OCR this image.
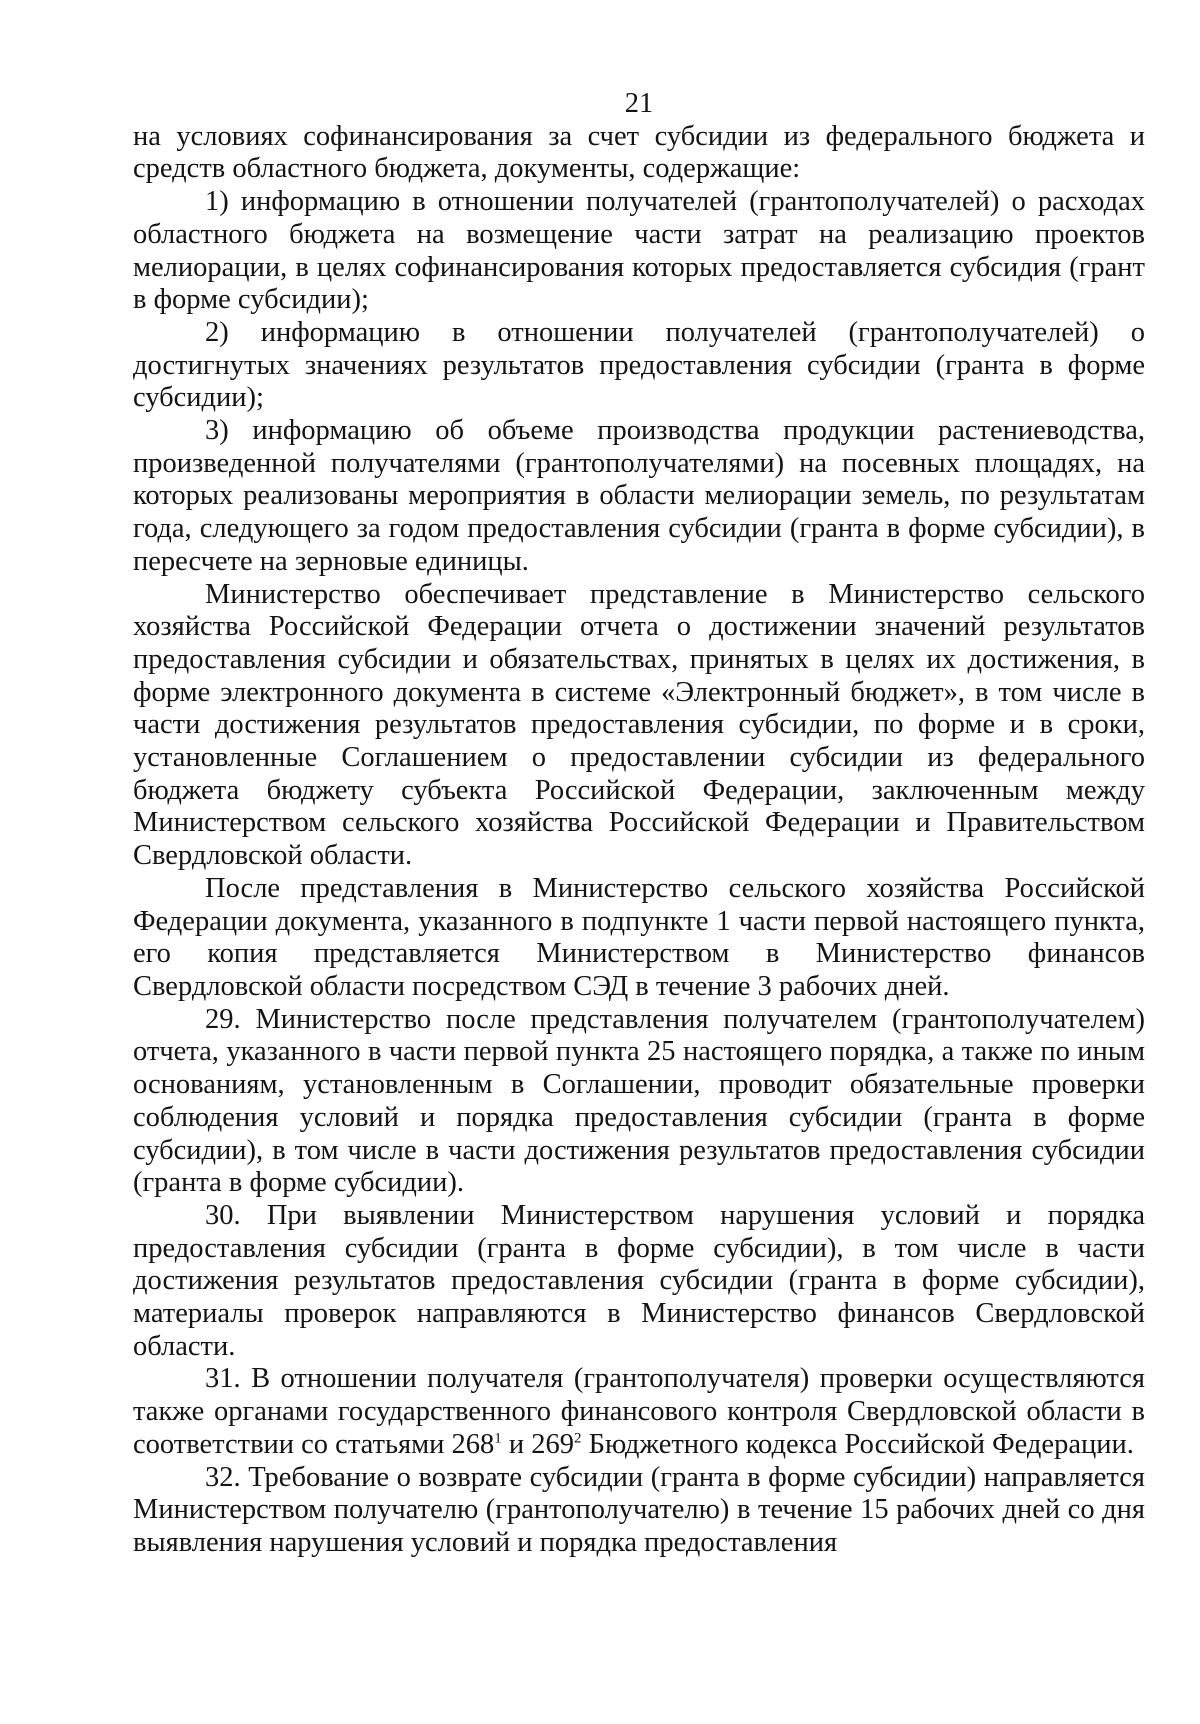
21

на условиях софинансирования за счет субсидии из федерального бюджета и средств областного бюджета, документы, содержащие:

1) информацию в отношении получателей (грантополучателей) о расходах областного бюджета на возмещение части затрат на реализацию проектов мелиорации, в целях софинансирования которых предоставляется субсидия (грант в форме субсидии);

2) информацию в отношении получателей (грантополучателей) о достигнутых значениях результатов предоставления субсидии (гранта в форме субсидии);

3) информацию об объеме производства продукции растениеводства, произведенной получателями (грантополучателями) на посевных площадях, на которых реализованы мероприятия в области мелиорации земель, по результатам года, следующего за годом предоставления субсидии (гранта в форме субсидии), в пересчете на зерновые единицы.

Министерство обеспечивает представление в Министерство сельского хозяйства Российской Федерации отчета о достижении значений результатов предоставления субсидии и обязательствах, принятых в целях их достижения, в форме электронного документа в системе «Электронный бюджет», в том числе в части достижения результатов предоставления субсидии, по форме и в сроки, установленные Соглашением о предоставлении субсидии из федерального бюджета бюджету субъекта Российской Федерации, заключенным между Министерством сельского хозяйства Российской Федерации и Правительством Свердловской области.

После представления в Министерство сельского хозяйства Российской Федерации документа, указанного в подпункте 1 части первой настоящего пункта, его копия представляется Министерством в Министерство финансов Свердловской области посредством СЭД в течение 3 рабочих дней.

29. Министерство после представления получателем (грантополучателем) отчета, указанного в части первой пункта 25 настоящего порядка, а также по иным основаниям, установленным в Соглашении, проводит обязательные проверки соблюдения условий и порядка предоставления субсидии (гранта в форме субсидии), в том числе в части достижения результатов предоставления субсидии (гранта в форме субсидии).

30. При выявлении Министерством нарушения условий и порядка предоставления субсидии (гранта в форме субсидии), в том числе в части достижения результатов предоставления субсидии (гранта в форме субсидии), материалы проверок направляются в Министерство финансов Свердловской области.

31. В отношении получателя (грантополучателя) проверки осуществляются также органами государственного финансового контроля Свердловской области в соответствии со статьями $268^1$ и $269^2$ Бюджетного кодекса Российской Федерации.

32. Требование о возврате субсидии (гранта в форме субсидии) направляется Министерством получателю (грантополучателю) в течение 15 рабочих дней со дня выявления нарушения условий и порядка предоставления
